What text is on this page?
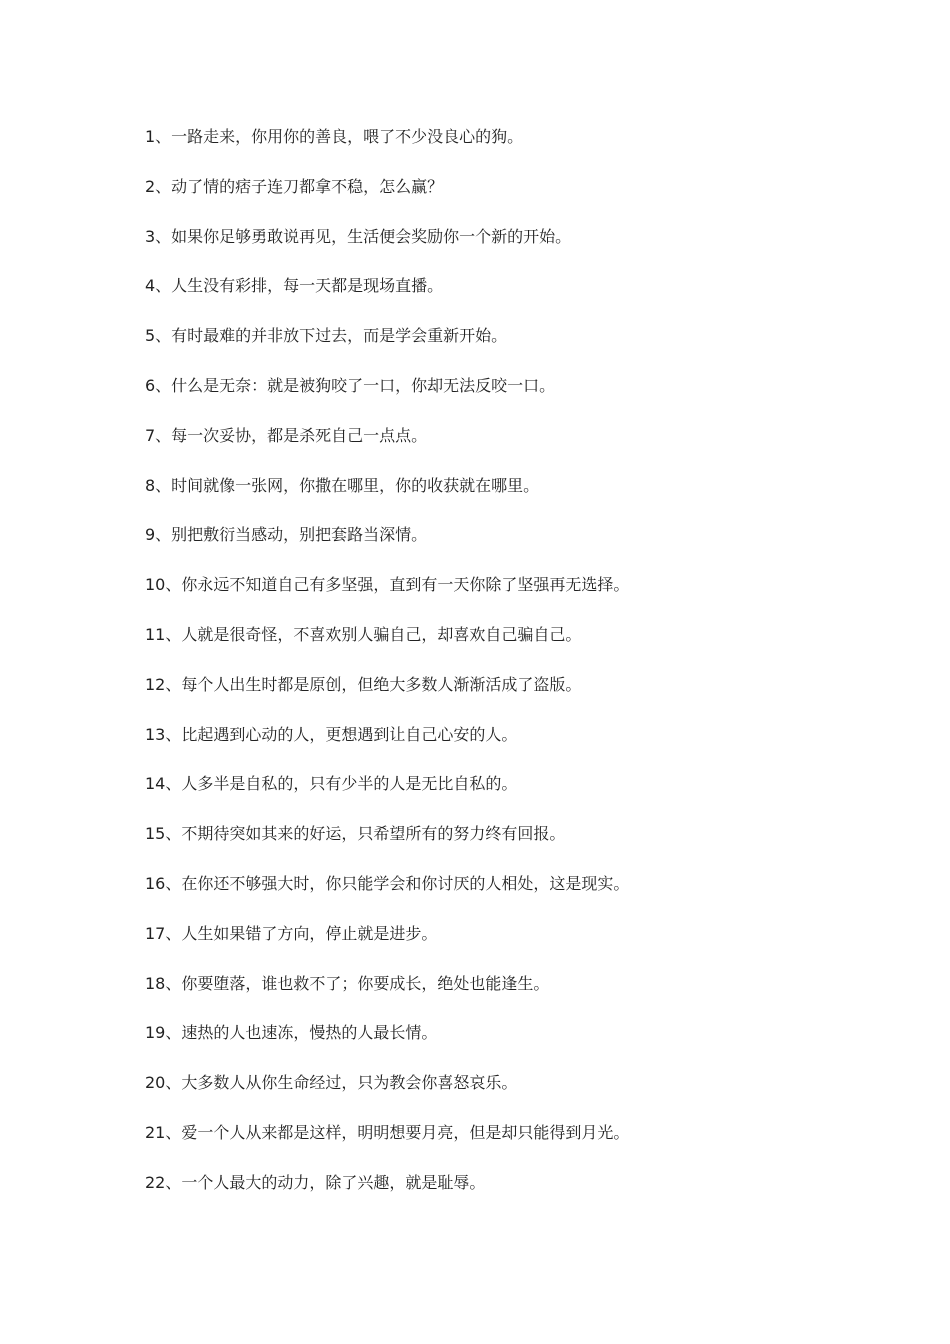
1、一路走来，你用你的善良，喂了不少没良心的狗。
2、动了情的痞子连刀都拿不稳，怎么赢？
3、如果你足够勇敢说再见，生活便会奖励你一个新的开始。
4、人生没有彩排，每一天都是现场直播。
5、有时最难的并非放下过去，而是学会重新开始。
6、什么是无奈：就是被狗咬了一口，你却无法反咬一口。
7、每一次妥协，都是杀死自己一点点。
8、时间就像一张网，你撒在哪里，你的收获就在哪里。
9、别把敷衍当感动，别把套路当深情。
10、你永远不知道自己有多坚强，直到有一天你除了坚强再无选择。
11、人就是很奇怪，不喜欢别人骗自己，却喜欢自己骗自己。
12、每个人出生时都是原创，但绝大多数人渐渐活成了盗版。
13、比起遇到心动的人，更想遇到让自己心安的人。
14、人多半是自私的，只有少半的人是无比自私的。
15、不期待突如其来的好运，只希望所有的努力终有回报。
16、在你还不够强大时，你只能学会和你讨厌的人相处，这是现实。
17、人生如果错了方向，停止就是进步。
18、你要堕落，谁也救不了；你要成长，绝处也能逢生。
19、速热的人也速冻，慢热的人最长情。
20、大多数人从你生命经过，只为教会你喜怒哀乐。
21、爱一个人从来都是这样，明明想要月亮，但是却只能得到月光。
22、一个人最大的动力，除了兴趣，就是耻辱。
